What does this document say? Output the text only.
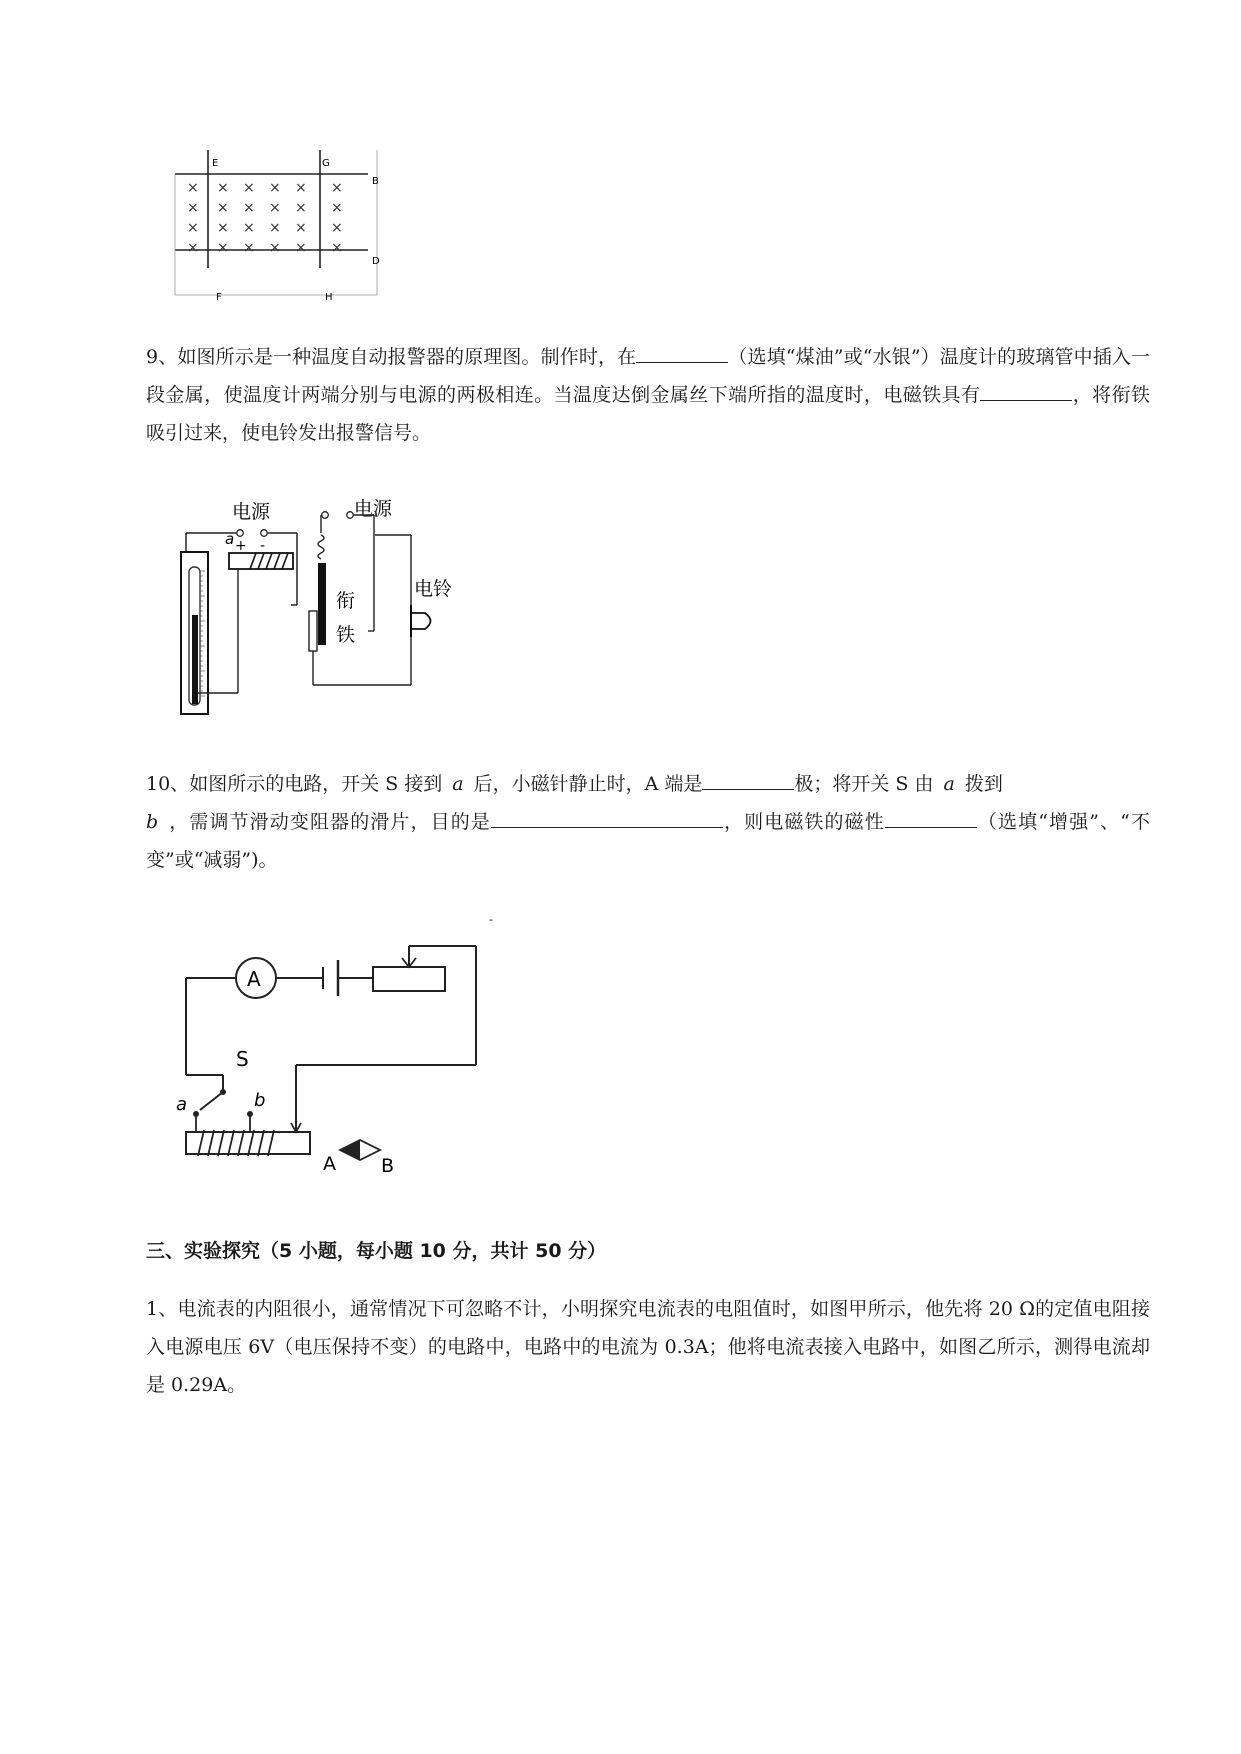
× × × × × ×
× × × × × ×
× × × × × ×
× × × × × ×
E	G
B
D
F	H
9、如图所示是一种温度自动报警器的原理图。制作时，在	（选填“煤油”或“水银”）温度计的玻璃管中插入一段金属，使温度计两端分别与电源的两极相连。当温度达倒金属丝下端所指的温度时，电磁铁具有	，将衔铁吸引过来，使电铃发出报警信号。
电源	电源
+ -
a
衔
铁
电铃
10、如图所示的电路，开关 S 接到 a 后，小磁针静止时，A 端是	极；将开关 S 由 a 拨到
b ，需调节滑动变阻器的滑片，目的是	，则电磁铁的磁性	（选填“增强”、“不变”或“减弱”)。
-
A
S
a	b
A B
三、实验探究（5 小题，每小题 10 分，共计 50 分）
1、电流表的内阻很小，通常情况下可忽略不计，小明探究电流表的电阻值时，如图甲所示，他先将 20 Ω的定值电阻接入电源电压 6V（电压保持不变）的电路中，电路中的电流为 0.3A；他将电流表接入电路中，如图乙所示，测得电流却是 0.29A。
